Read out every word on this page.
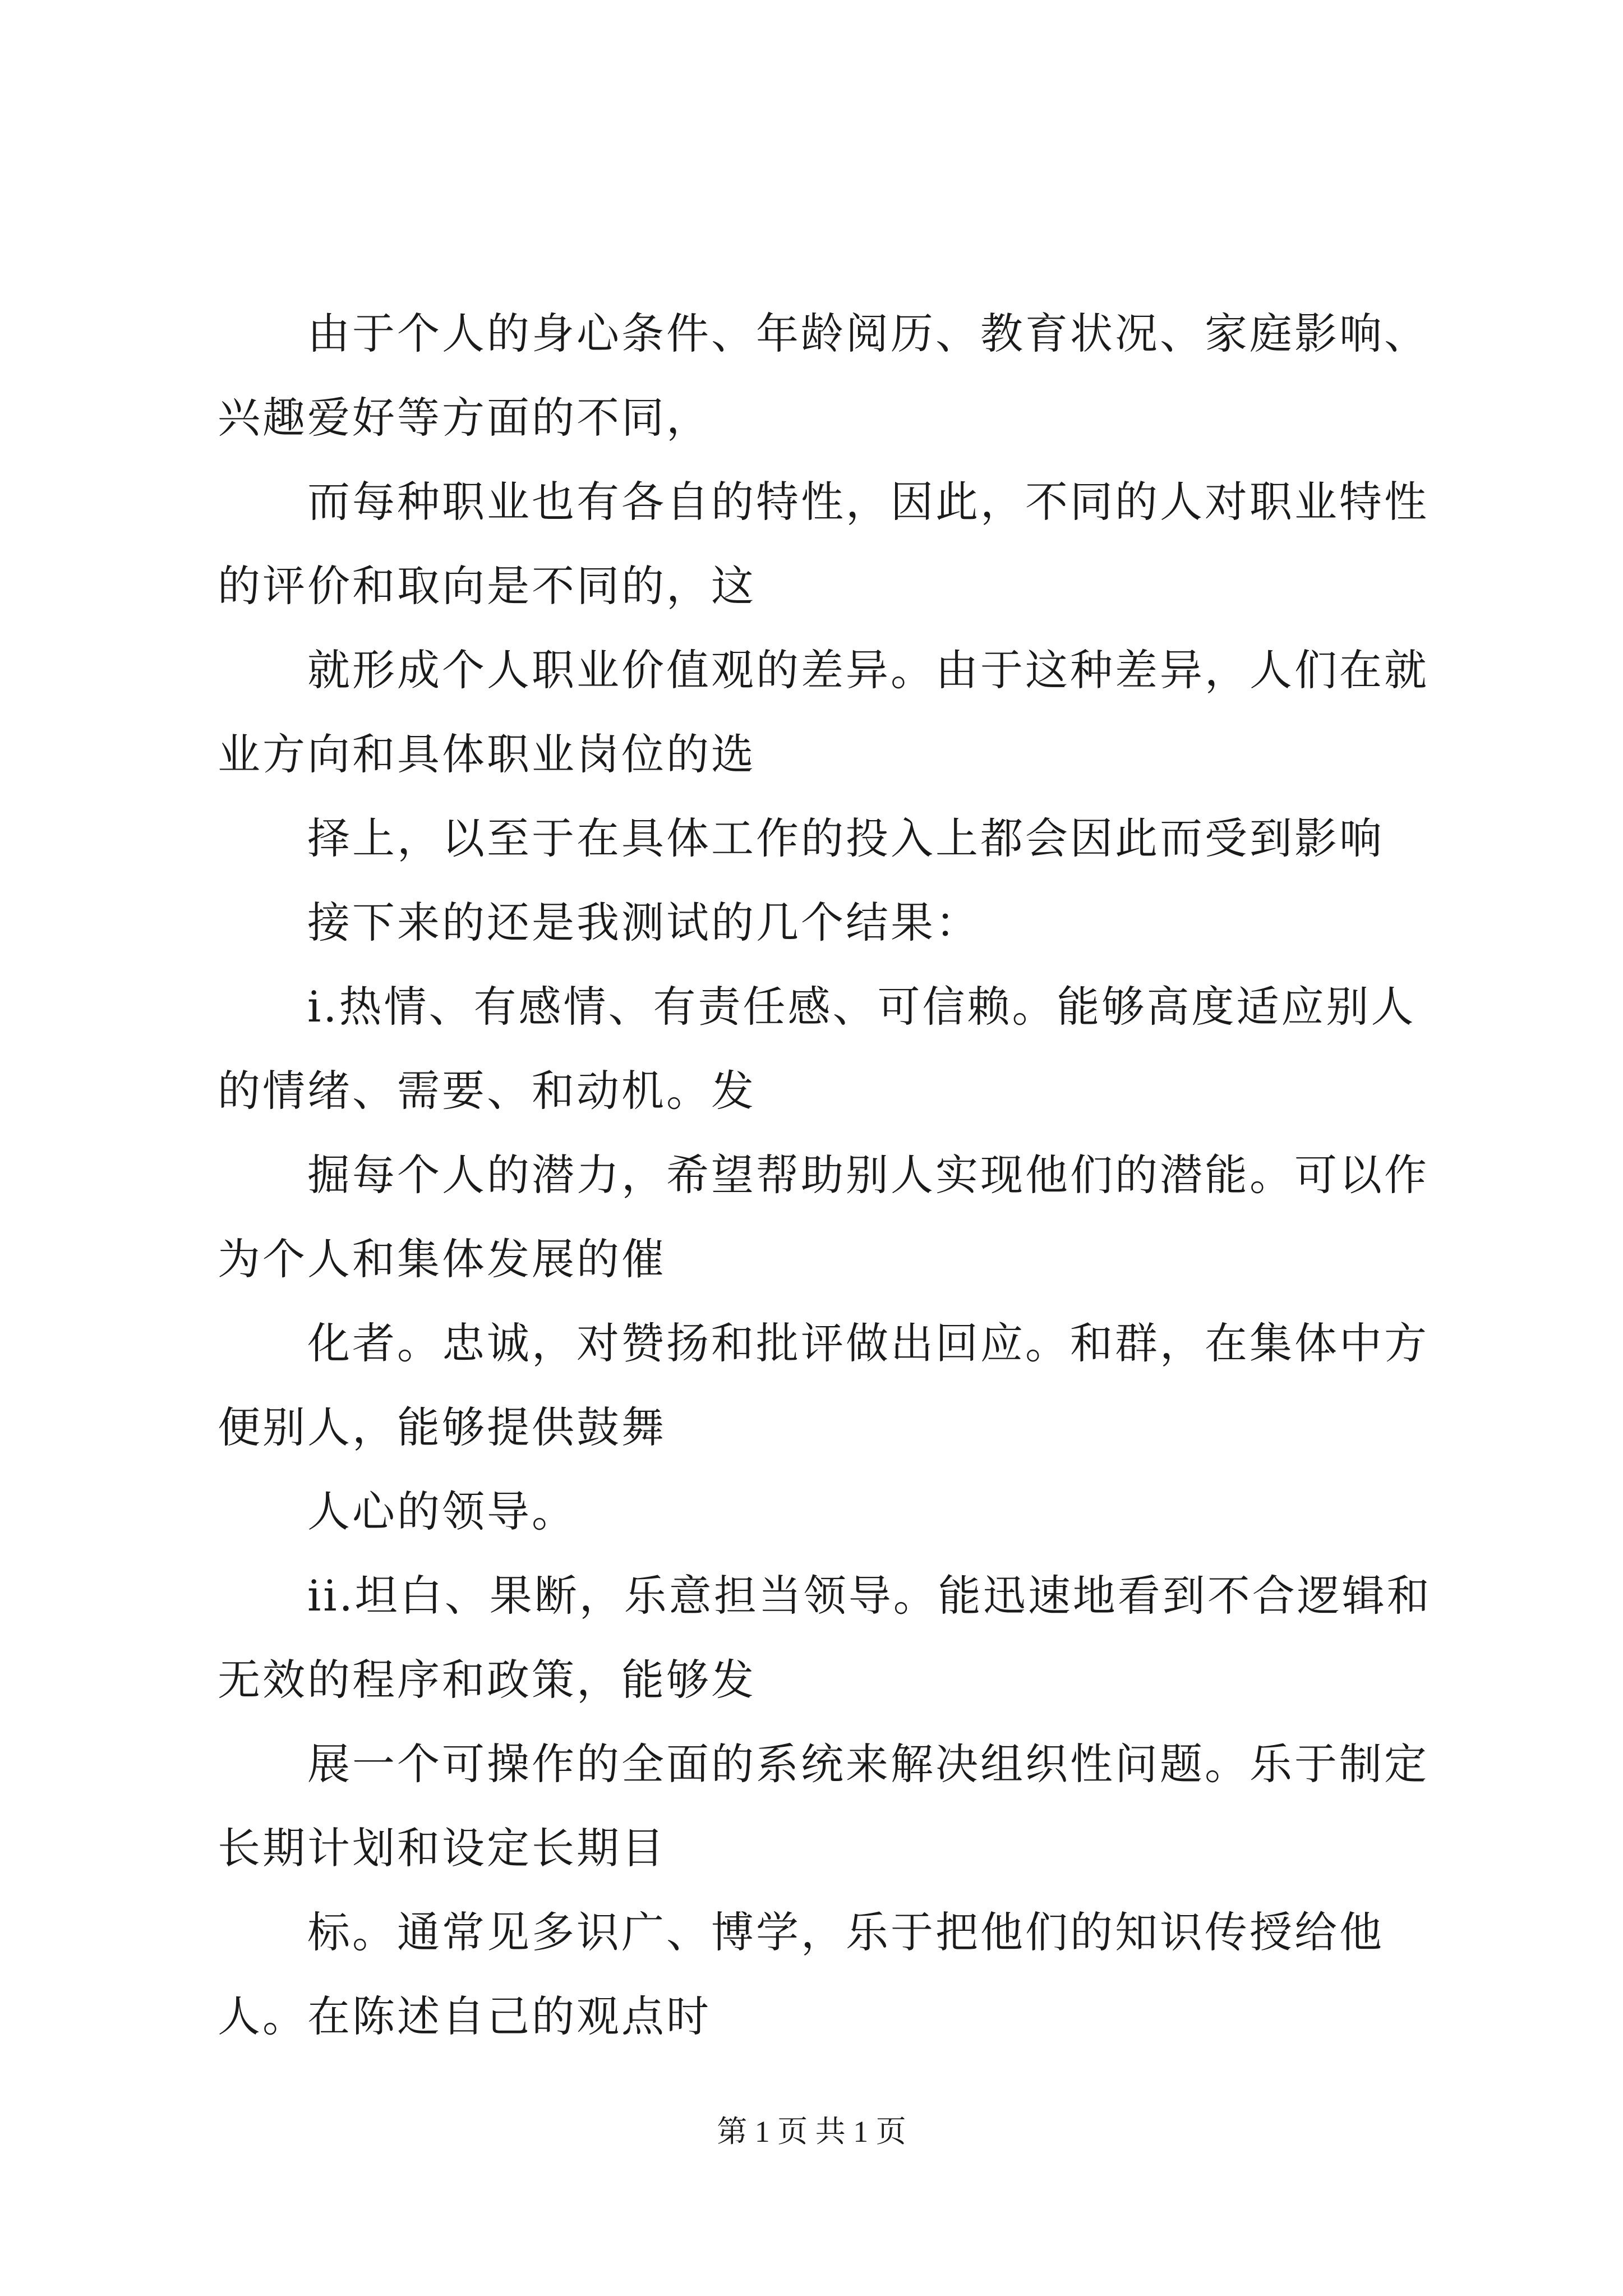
由于个人的身心条件、年龄阅历、教育状况、家庭影响、兴趣爱好等方面的不同，

而每种职业也有各自的特性，因此，不同的人对职业特性的评价和取向是不同的，这

就形成个人职业价值观的差异。由于这种差异，人们在就业方向和具体职业岗位的选

择上，以至于在具体工作的投入上都会因此而受到影响

接下来的还是我测试的几个结果：

i.热情、有感情、有责任感、可信赖。能够高度适应别人的情绪、需要、和动机。发

掘每个人的潜力，希望帮助别人实现他们的潜能。可以作为个人和集体发展的催

化者。忠诚，对赞扬和批评做出回应。和群，在集体中方便别人，能够提供鼓舞

人心的领导。

ii.坦白、果断，乐意担当领导。能迅速地看到不合逻辑和无效的程序和政策，能够发

展一个可操作的全面的系统来解决组织性问题。乐于制定长期计划和设定长期目

标。通常见多识广、博学，乐于把他们的知识传授给他人。在陈述自己的观点时

第 1 页 共 1 页
